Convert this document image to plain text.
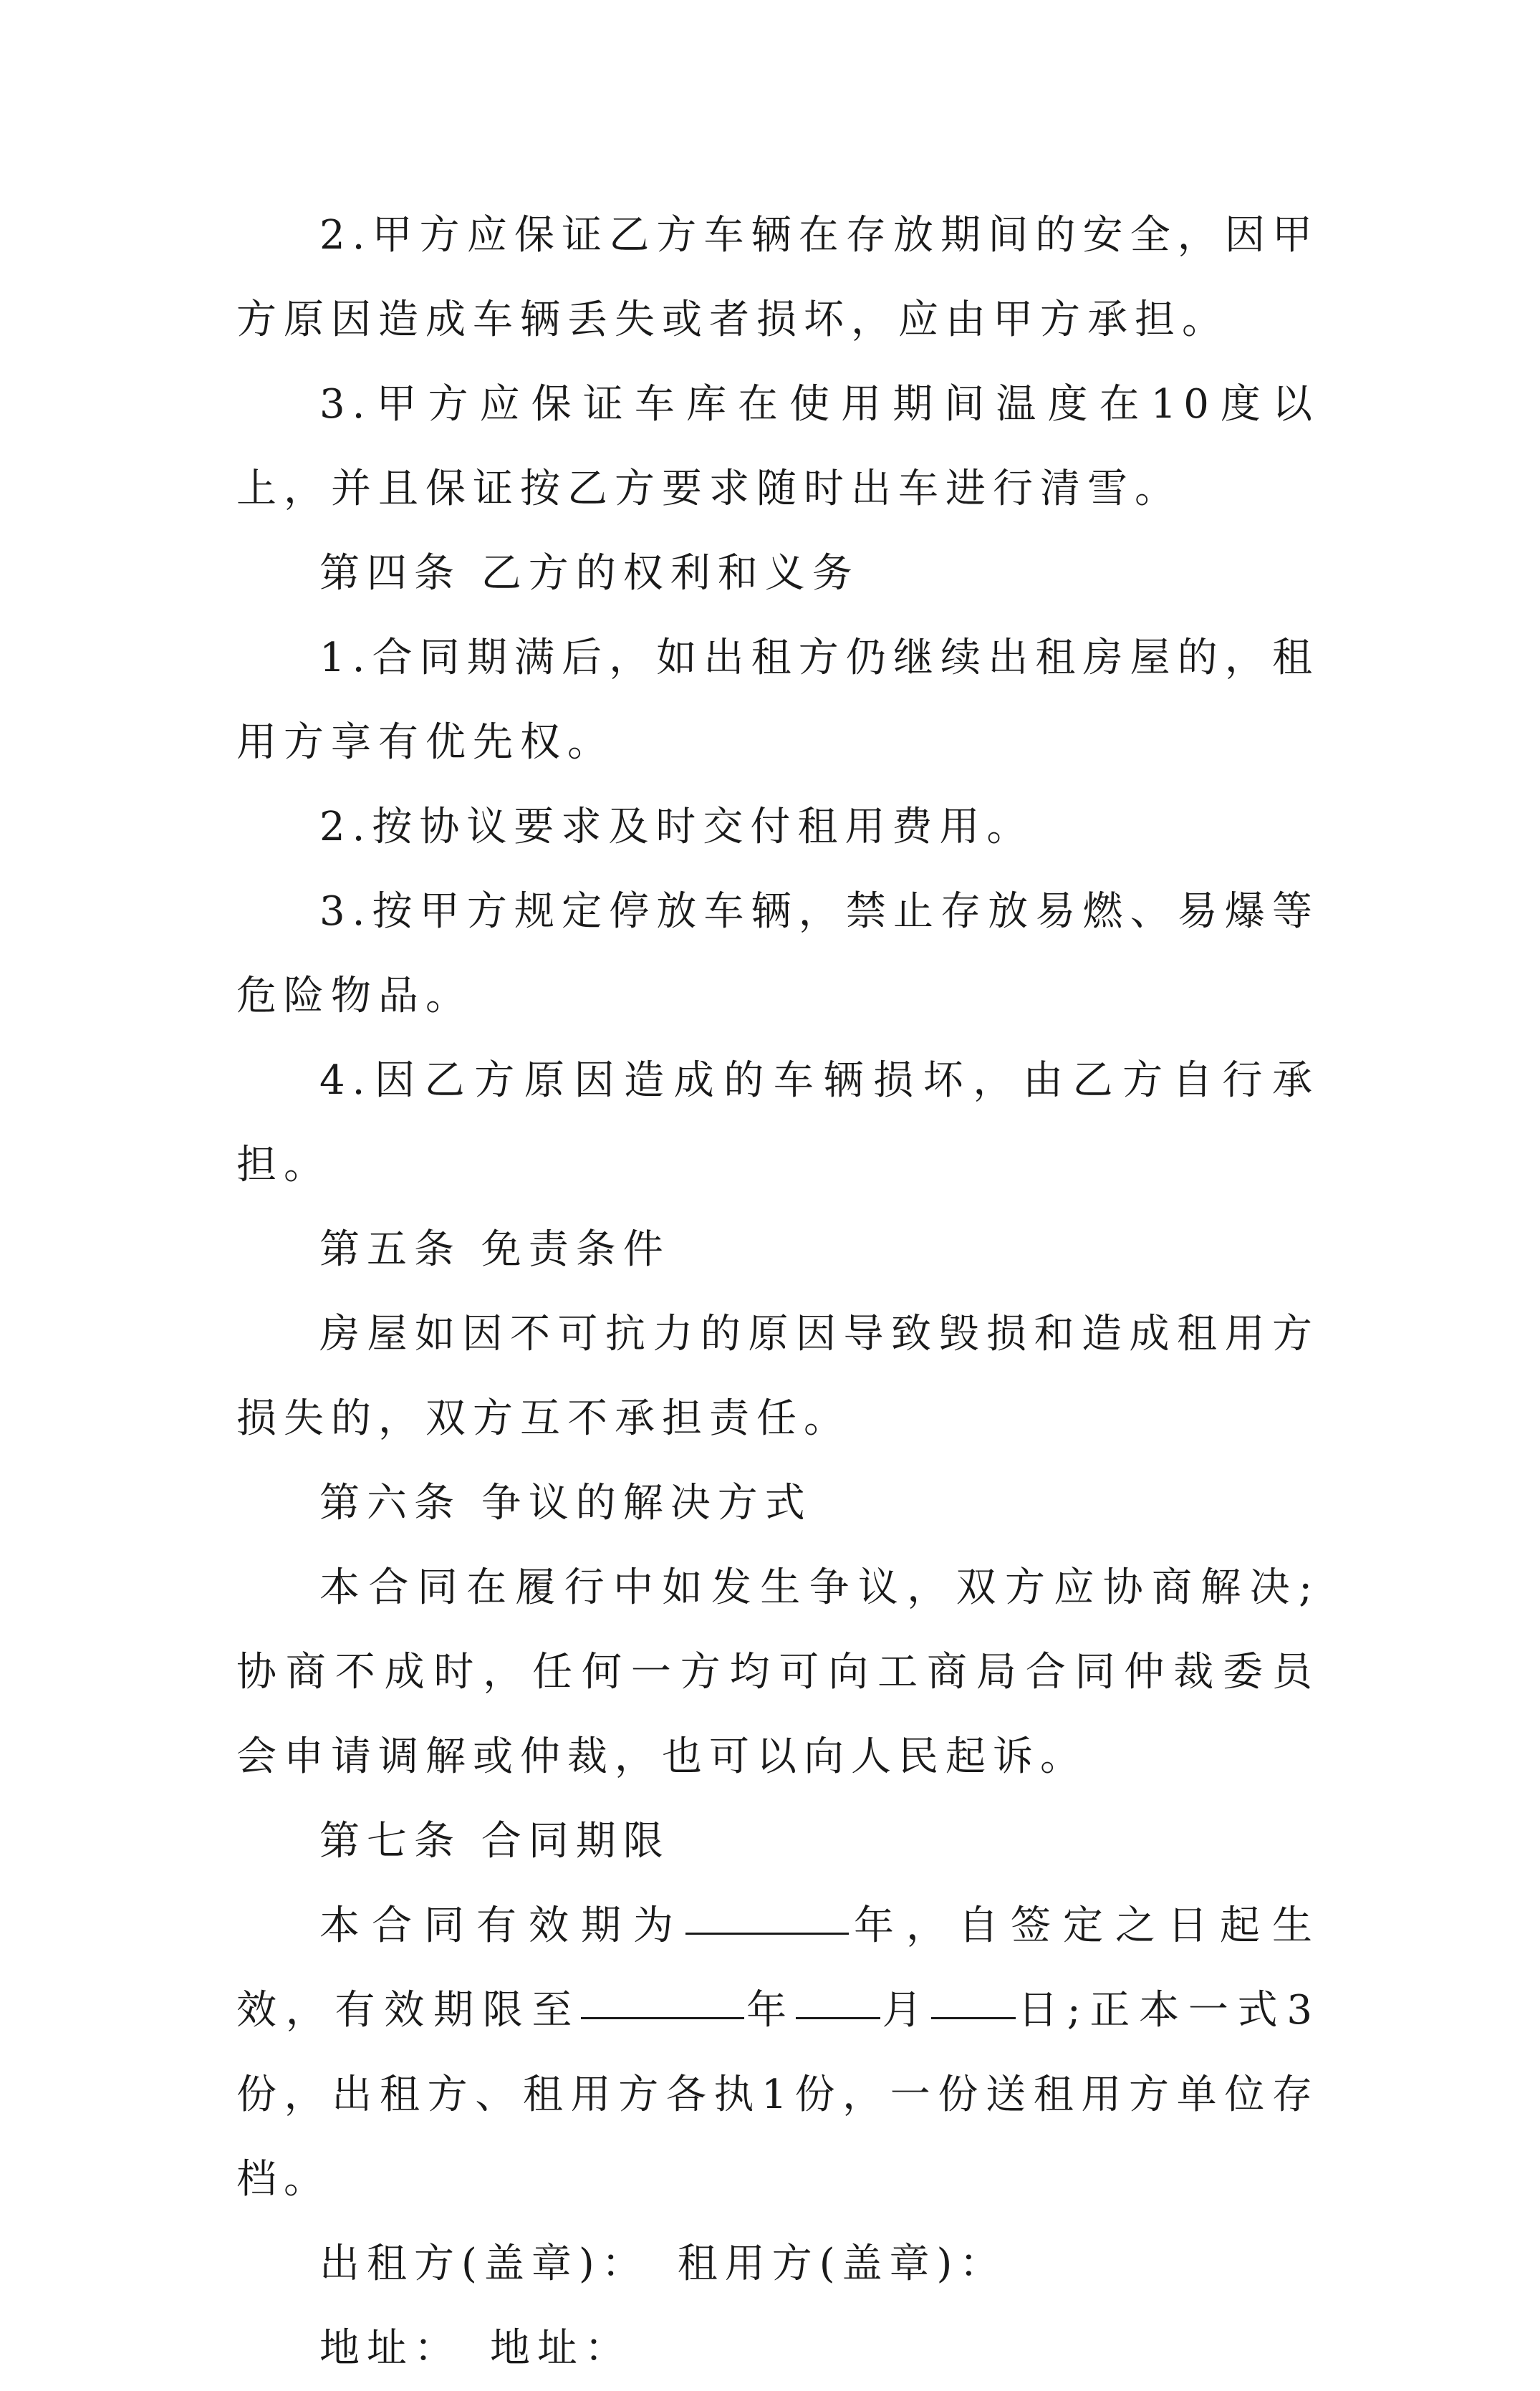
2.甲方应保证乙方车辆在存放期间的安全，因甲方原因造成车辆丢失或者损坏，应由甲方承担。

3.甲方应保证车库在使用期间温度在10度以上，并且保证按乙方要求随时出车进行清雪。

第四条 乙方的权利和义务

1.合同期满后，如出租方仍继续出租房屋的，租用方享有优先权。

2.按协议要求及时交付租用费用。

3.按甲方规定停放车辆，禁止存放易燃、易爆等危险物品。

4.因乙方原因造成的车辆损坏，由乙方自行承担。

第五条 免责条件

房屋如因不可抗力的原因导致毁损和造成租用方损失的，双方互不承担责任。

第六条 争议的解决方式

本合同在履行中如发生争议，双方应协商解决;协商不成时，任何一方均可向工商局合同仲裁委员会申请调解或仲裁，也可以向人民起诉。

第七条 合同期限

本合同有效期为	年，自签定之日起生效，有效期限至	年 月 日;正本一式3份，出租方、租用方各执1份，一份送租用方单位存档。

出租方(盖章)： 租用方(盖章)：

地址： 地址：
